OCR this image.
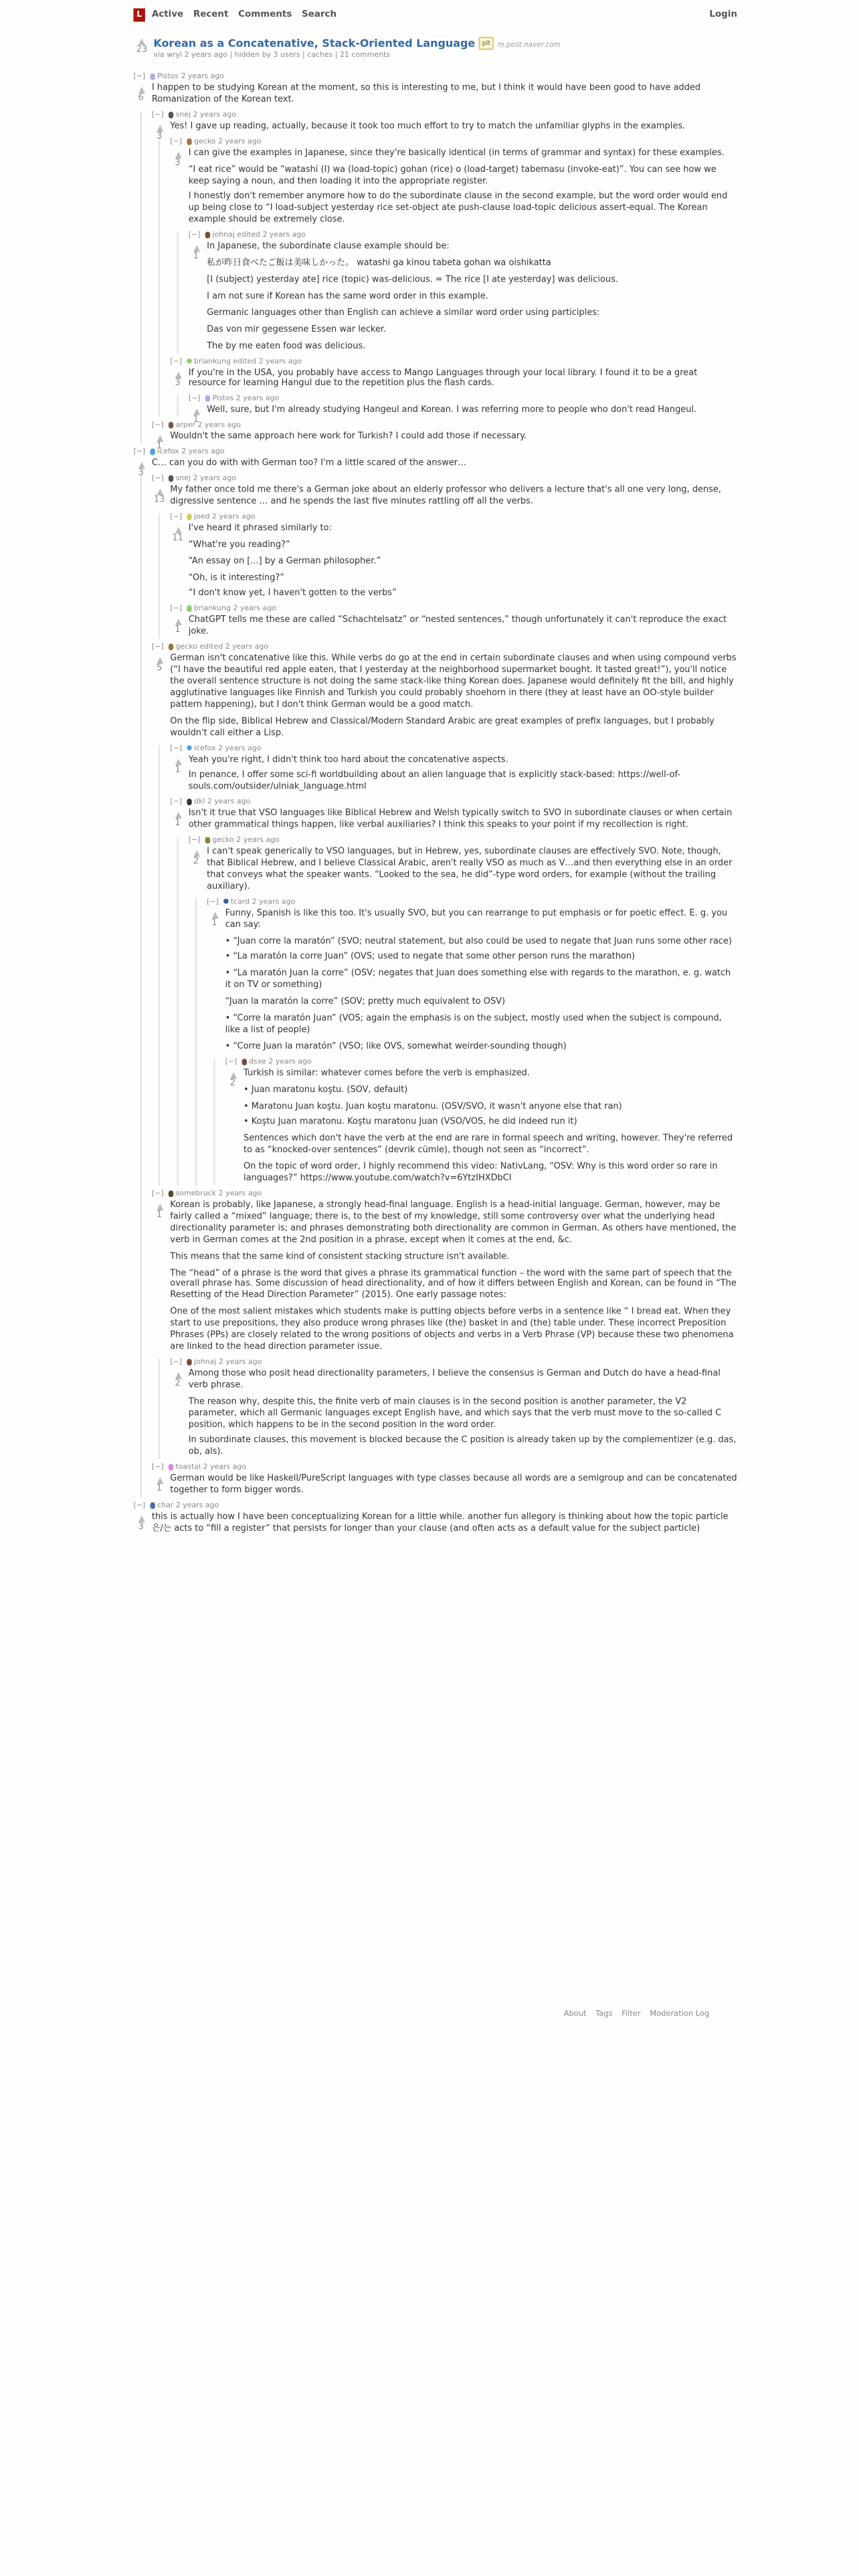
L	Active	Recent	Comments	Search	Login
23	Korean as a Concatenative, Stack-Oriented Language	plt	m.post.naver.com
via wryl 2 years ago | hidden by 3 users | caches | 21 comments
[−]	Pistos 2 years ago
6

I happen to be studying Korean at the moment, so this is interesting to me, but I think it would have been good to have added Romanization of the Korean text.

[−]	snej 2 years ago
3

Yes! I gave up reading, actually, because it took too much effort to try to match the unfamiliar glyphs in the examples.

[−]	gecko 2 years ago
3

I can give the examples in Japanese, since they're basically identical (in terms of grammar and syntax) for these examples.

“I eat rice” would be “watashi (I) wa (load-topic) gohan (rice) o (load-target) tabemasu (invoke-eat)”. You can see how we keep saying a noun, and then loading it into the appropriate register.

I honestly don't remember anymore how to do the subordinate clause in the second example, but the word order would end up being close to “I load-subject yesterday rice set-object ate push-clause load-topic delicious assert-equal. The Korean example should be extremely close.

[−]	johnaj edited 2 years ago
1

In Japanese, the subordinate clause example should be:

私が昨日食べたご飯は美味しかった。 watashi ga kinou tabeta gohan wa oishikatta

[I (subject) yesterday ate] rice (topic) was-delicious. = The rice [I ate yesterday] was delicious.

I am not sure if Korean has the same word order in this example.

Germanic languages other than English can achieve a similar word order using participles:

Das von mir gegessene Essen war lecker.

The by me eaten food was delicious.

[−]	briankung edited 2 years ago
3

If you're in the USA, you probably have access to Mango Languages through your local library. I found it to be a great resource for learning Hangul due to the repetition plus the flash cards.

[−]	Pistos 2 years ago
1

Well, sure, but I'm already studying Hangeul and Korean. I was referring more to people who don't read Hangeul.

[−]	arper 2 years ago
1

Wouldn't the same approach here work for Turkish? I could add those if necessary.

[−]	icefox 2 years ago
3

C… can you do with with German too? I'm a little scared of the answer…

[−]	snej 2 years ago
13

My father once told me there's a German joke about an elderly professor who delivers a lecture that's all one very long, dense, digressive sentence … and he spends the last five minutes rattling off all the verbs.

[−]	joed 2 years ago
11

I've heard it phrased similarly to:

“What're you reading?”

“An essay on [...] by a German philosopher.”

“Oh, is it interesting?”

“I don't know yet, I haven't gotten to the verbs”

[−]	briankung 2 years ago
1

ChatGPT tells me these are called “Schachtelsatz” or “nested sentences,” though unfortunately it can't reproduce the exact joke.

[−]	gecko edited 2 years ago
5

German isn't concatenative like this. While verbs do go at the end in certain subordinate clauses and when using compound verbs (“I have the beautiful red apple eaten, that I yesterday at the neighborhood supermarket bought. It tasted great!”), you'll notice the overall sentence structure is not doing the same stack-like thing Korean does. Japanese would definitely fit the bill, and highly agglutinative languages like Finnish and Turkish you could probably shoehorn in there (they at least have an OO-style builder pattern happening), but I don't think German would be a good match.

On the flip side, Biblical Hebrew and Classical/Modern Standard Arabic are great examples of prefix languages, but I probably wouldn't call either a Lisp.

[−]	icefox 2 years ago
1

Yeah you're right, I didn't think too hard about the concatenative aspects.

In penance, I offer some sci-fi worldbuilding about an alien language that is explicitly stack-based: https://well-of-souls.com/outsider/ulniak_language.html

[−]	dkl 2 years ago
1

Isn't it true that VSO languages like Biblical Hebrew and Welsh typically switch to SVO in subordinate clauses or when certain other grammatical things happen, like verbal auxiliaries? I think this speaks to your point if my recollection is right.

[−]	gecko 2 years ago
2

I can't speak generically to VSO languages, but in Hebrew, yes, subordinate clauses are effectively SVO. Note, though, that Biblical Hebrew, and I believe Classical Arabic, aren't really VSO as much as V…and then everything else in an order that conveys what the speaker wants. “Looked to the sea, he did”-type word orders, for example (without the trailing auxiliary).

[−]	tcard 2 years ago
1

Funny, Spanish is like this too. It's usually SVO, but you can rearrange to put emphasis or for poetic effect. E. g. you can say:

• “Juan corre la maratón” (SVO; neutral statement, but also could be used to negate that Juan runs some other race)

• “La maratón la corre Juan” (OVS; used to negate that some other person runs the marathon)

• “La maratón Juan la corre” (OSV; negates that Juan does something else with regards to the marathon, e. g. watch it on TV or something)

“Juan la maratón la corre” (SOV; pretty much equivalent to OSV)

• “Corre la maratón Juan” (VOS; again the emphasis is on the subject, mostly used when the subject is compound, like a list of people)

• “Corre Juan la maratón” (VSO; like OVS, somewhat weirder-sounding though)

[−]	dsxe 2 years ago
2

Turkish is similar: whatever comes before the verb is emphasized.

• Juan maratonu koştu. (SOV, default)

• Maratonu Juan koştu. Juan koştu maratonu. (OSV/SVO, it wasn't anyone else that ran)

• Koştu Juan maratonu. Koştu maratonu Juan (VSO/VOS, he did indeed run it)

Sentences which don't have the verb at the end are rare in formal speech and writing, however. They're referred to as “knocked-over sentences” (devrik cümle), though not seen as “incorrect”.

On the topic of word order, I highly recommend this video: NativLang, “OSV: Why is this word order so rare in languages?” https://www.youtube.com/watch?v=6YtzIHXDbCI

[−]	somebruck 2 years ago
1

Korean is probably, like Japanese, a strongly head-final language. English is a head-initial language. German, however, may be fairly called a “mixed” language; there is, to the best of my knowledge, still some controversy over what the underlying head directionality parameter is; and phrases demonstrating both directionality are common in German. As others have mentioned, the verb in German comes at the 2nd position in a phrase, except when it comes at the end, &c.

This means that the same kind of consistent stacking structure isn't available.

The “head” of a phrase is the word that gives a phrase its grammatical function – the word with the same part of speech that the overall phrase has. Some discussion of head directionality, and of how it differs between English and Korean, can be found in “The Resetting of the Head Direction Parameter” (2015). One early passage notes:

One of the most salient mistakes which students make is putting objects before verbs in a sentence like “ I bread eat. When they start to use prepositions, they also produce wrong phrases like (the) basket in and (the) table under. These incorrect Preposition Phrases (PPs) are closely related to the wrong positions of objects and verbs in a Verb Phrase (VP) because these two phenomena are linked to the head direction parameter issue.

[−]	johnaj 2 years ago
2

Among those who posit head directionality parameters, I believe the consensus is German and Dutch do have a head-final verb phrase.

The reason why, despite this, the finite verb of main clauses is in the second position is another parameter, the V2 parameter, which all Germanic languages except English have, and which says that the verb must move to the so-called C position, which happens to be in the second position in the word order.

In subordinate clauses, this movement is blocked because the C position is already taken up by the complementizer (e.g. das, ob, als).

[−]	toastal 2 years ago
1

German would be like Haskell/PureScript languages with type classes because all words are a semigroup and can be concatenated together to form bigger words.

[−]	char 2 years ago
3

this is actually how I have been conceptualizing Korean for a little while. another fun allegory is thinking about how the topic particle 은/는 acts to “fill a register” that persists for longer than your clause (and often acts as a default value for the subject particle)

About	Tags	Filter	Moderation Log
